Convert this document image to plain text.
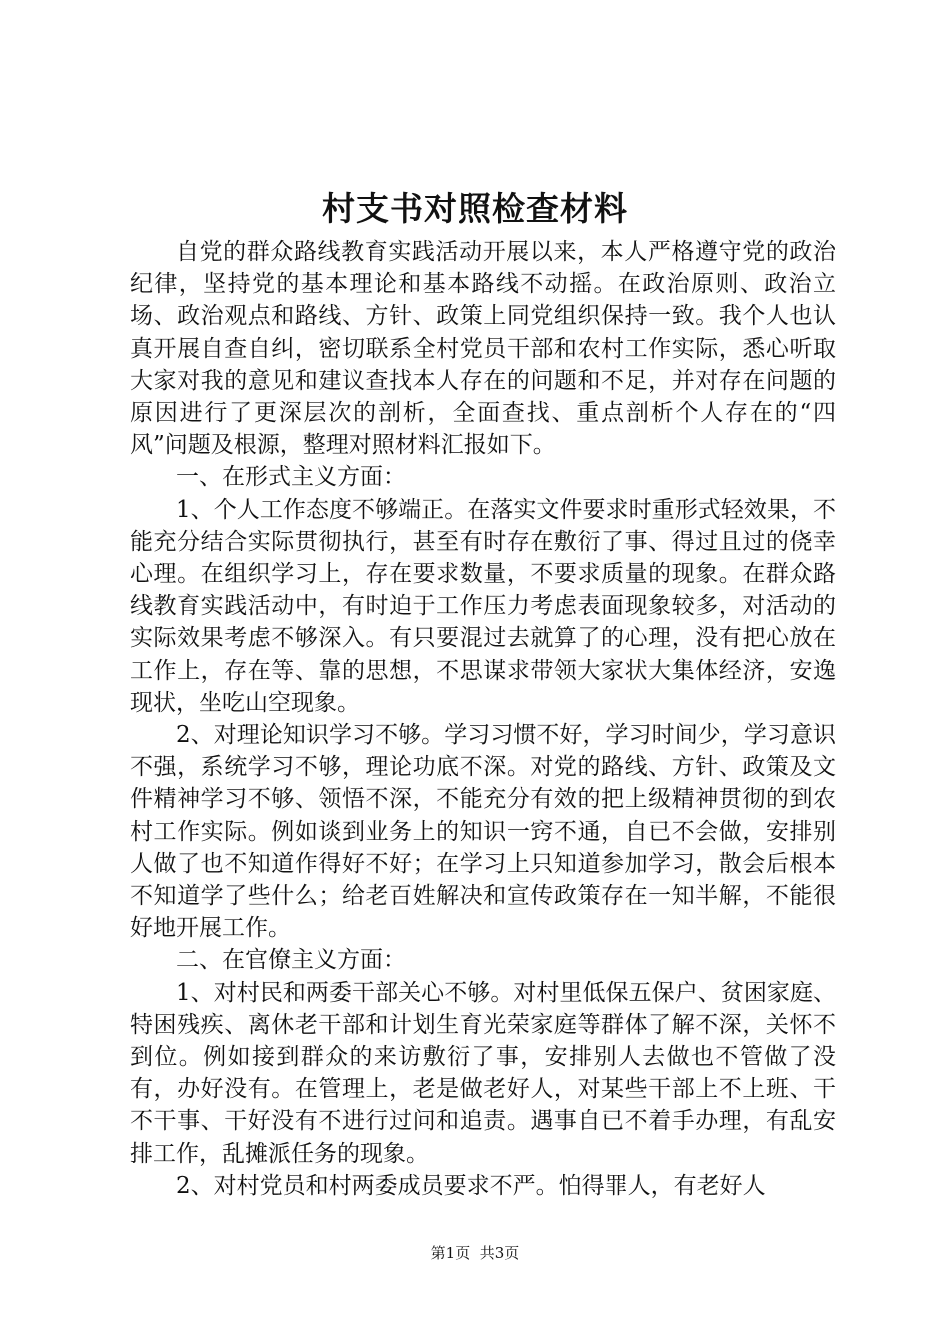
村支书对照检查材料

自党的群众路线教育实践活动开展以来，本人严格遵守党的政治纪律，坚持党的基本理论和基本路线不动摇。在政治原则、政治立场、政治观点和路线、方针、政策上同党组织保持一致。我个人也认真开展自查自纠，密切联系全村党员干部和农村工作实际，悉心听取大家对我的意见和建议查找本人存在的问题和不足，并对存在问题的原因进行了更深层次的剖析，全面查找、重点剖析个人存在的“四风”问题及根源，整理对照材料汇报如下。

一、在形式主义方面：

1、个人工作态度不够端正。在落实文件要求时重形式轻效果，不能充分结合实际贯彻执行，甚至有时存在敷衍了事、得过且过的侥幸心理。在组织学习上，存在要求数量，不要求质量的现象。在群众路线教育实践活动中，有时迫于工作压力考虑表面现象较多，对活动的实际效果考虑不够深入。有只要混过去就算了的心理，没有把心放在工作上，存在等、靠的思想，不思谋求带领大家状大集体经济，安逸现状，坐吃山空现象。

2、对理论知识学习不够。学习习惯不好，学习时间少，学习意识不强，系统学习不够，理论功底不深。对党的路线、方针、政策及文件精神学习不够、领悟不深，不能充分有效的把上级精神贯彻的到农村工作实际。例如谈到业务上的知识一窍不通，自已不会做，安排别人做了也不知道作得好不好；在学习上只知道参加学习，散会后根本不知道学了些什么；给老百姓解决和宣传政策存在一知半解，不能很好地开展工作。

二、在官僚主义方面：

1、对村民和两委干部关心不够。对村里低保五保户、贫困家庭、特困残疾、离休老干部和计划生育光荣家庭等群体了解不深，关怀不到位。例如接到群众的来访敷衍了事，安排别人去做也不管做了没有，办好没有。在管理上，老是做老好人，对某些干部上不上班、干不干事、干好没有不进行过问和追责。遇事自已不着手办理，有乱安排工作，乱摊派任务的现象。

2、对村党员和村两委成员要求不严。怕得罪人，有老好人

第1页 共3页
